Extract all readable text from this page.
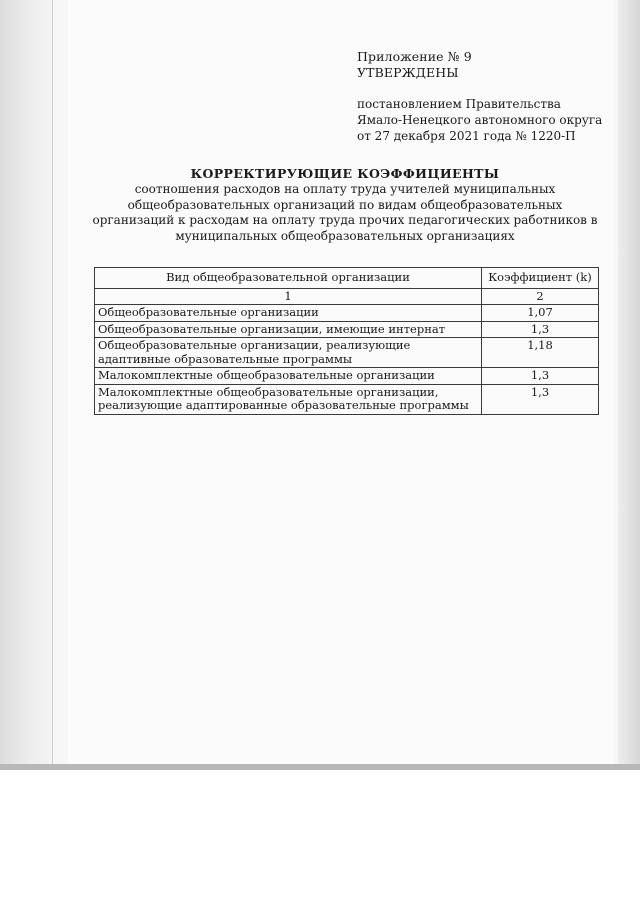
Приложение № 9
УТВЕРЖДЕНЫ
постановлением Правительства
Ямало-Ненецкого автономного округа
от 27 декабря 2021 года № 1220-П
КОРРЕКТИРУЮЩИЕ КОЭФФИЦИЕНТЫ
соотношения расходов на оплату труда учителей муниципальных
общеобразовательных организаций по видам общеобразовательных
организаций к расходам на оплату труда прочих педагогических работников в
муниципальных общеобразовательных организациях
Вид общеобразовательной организации	Коэффициент (k)
1	2
Общеобразовательные организации	1,07
Общеобразовательные организации, имеющие интернат	1,3
Общеобразовательные организации, реализующие адаптивные образовательные программы	1,18
Малокомплектные общеобразовательные организации	1,3
Малокомплектные общеобразовательные организации, реализующие адаптированные образовательные программы	1,3
